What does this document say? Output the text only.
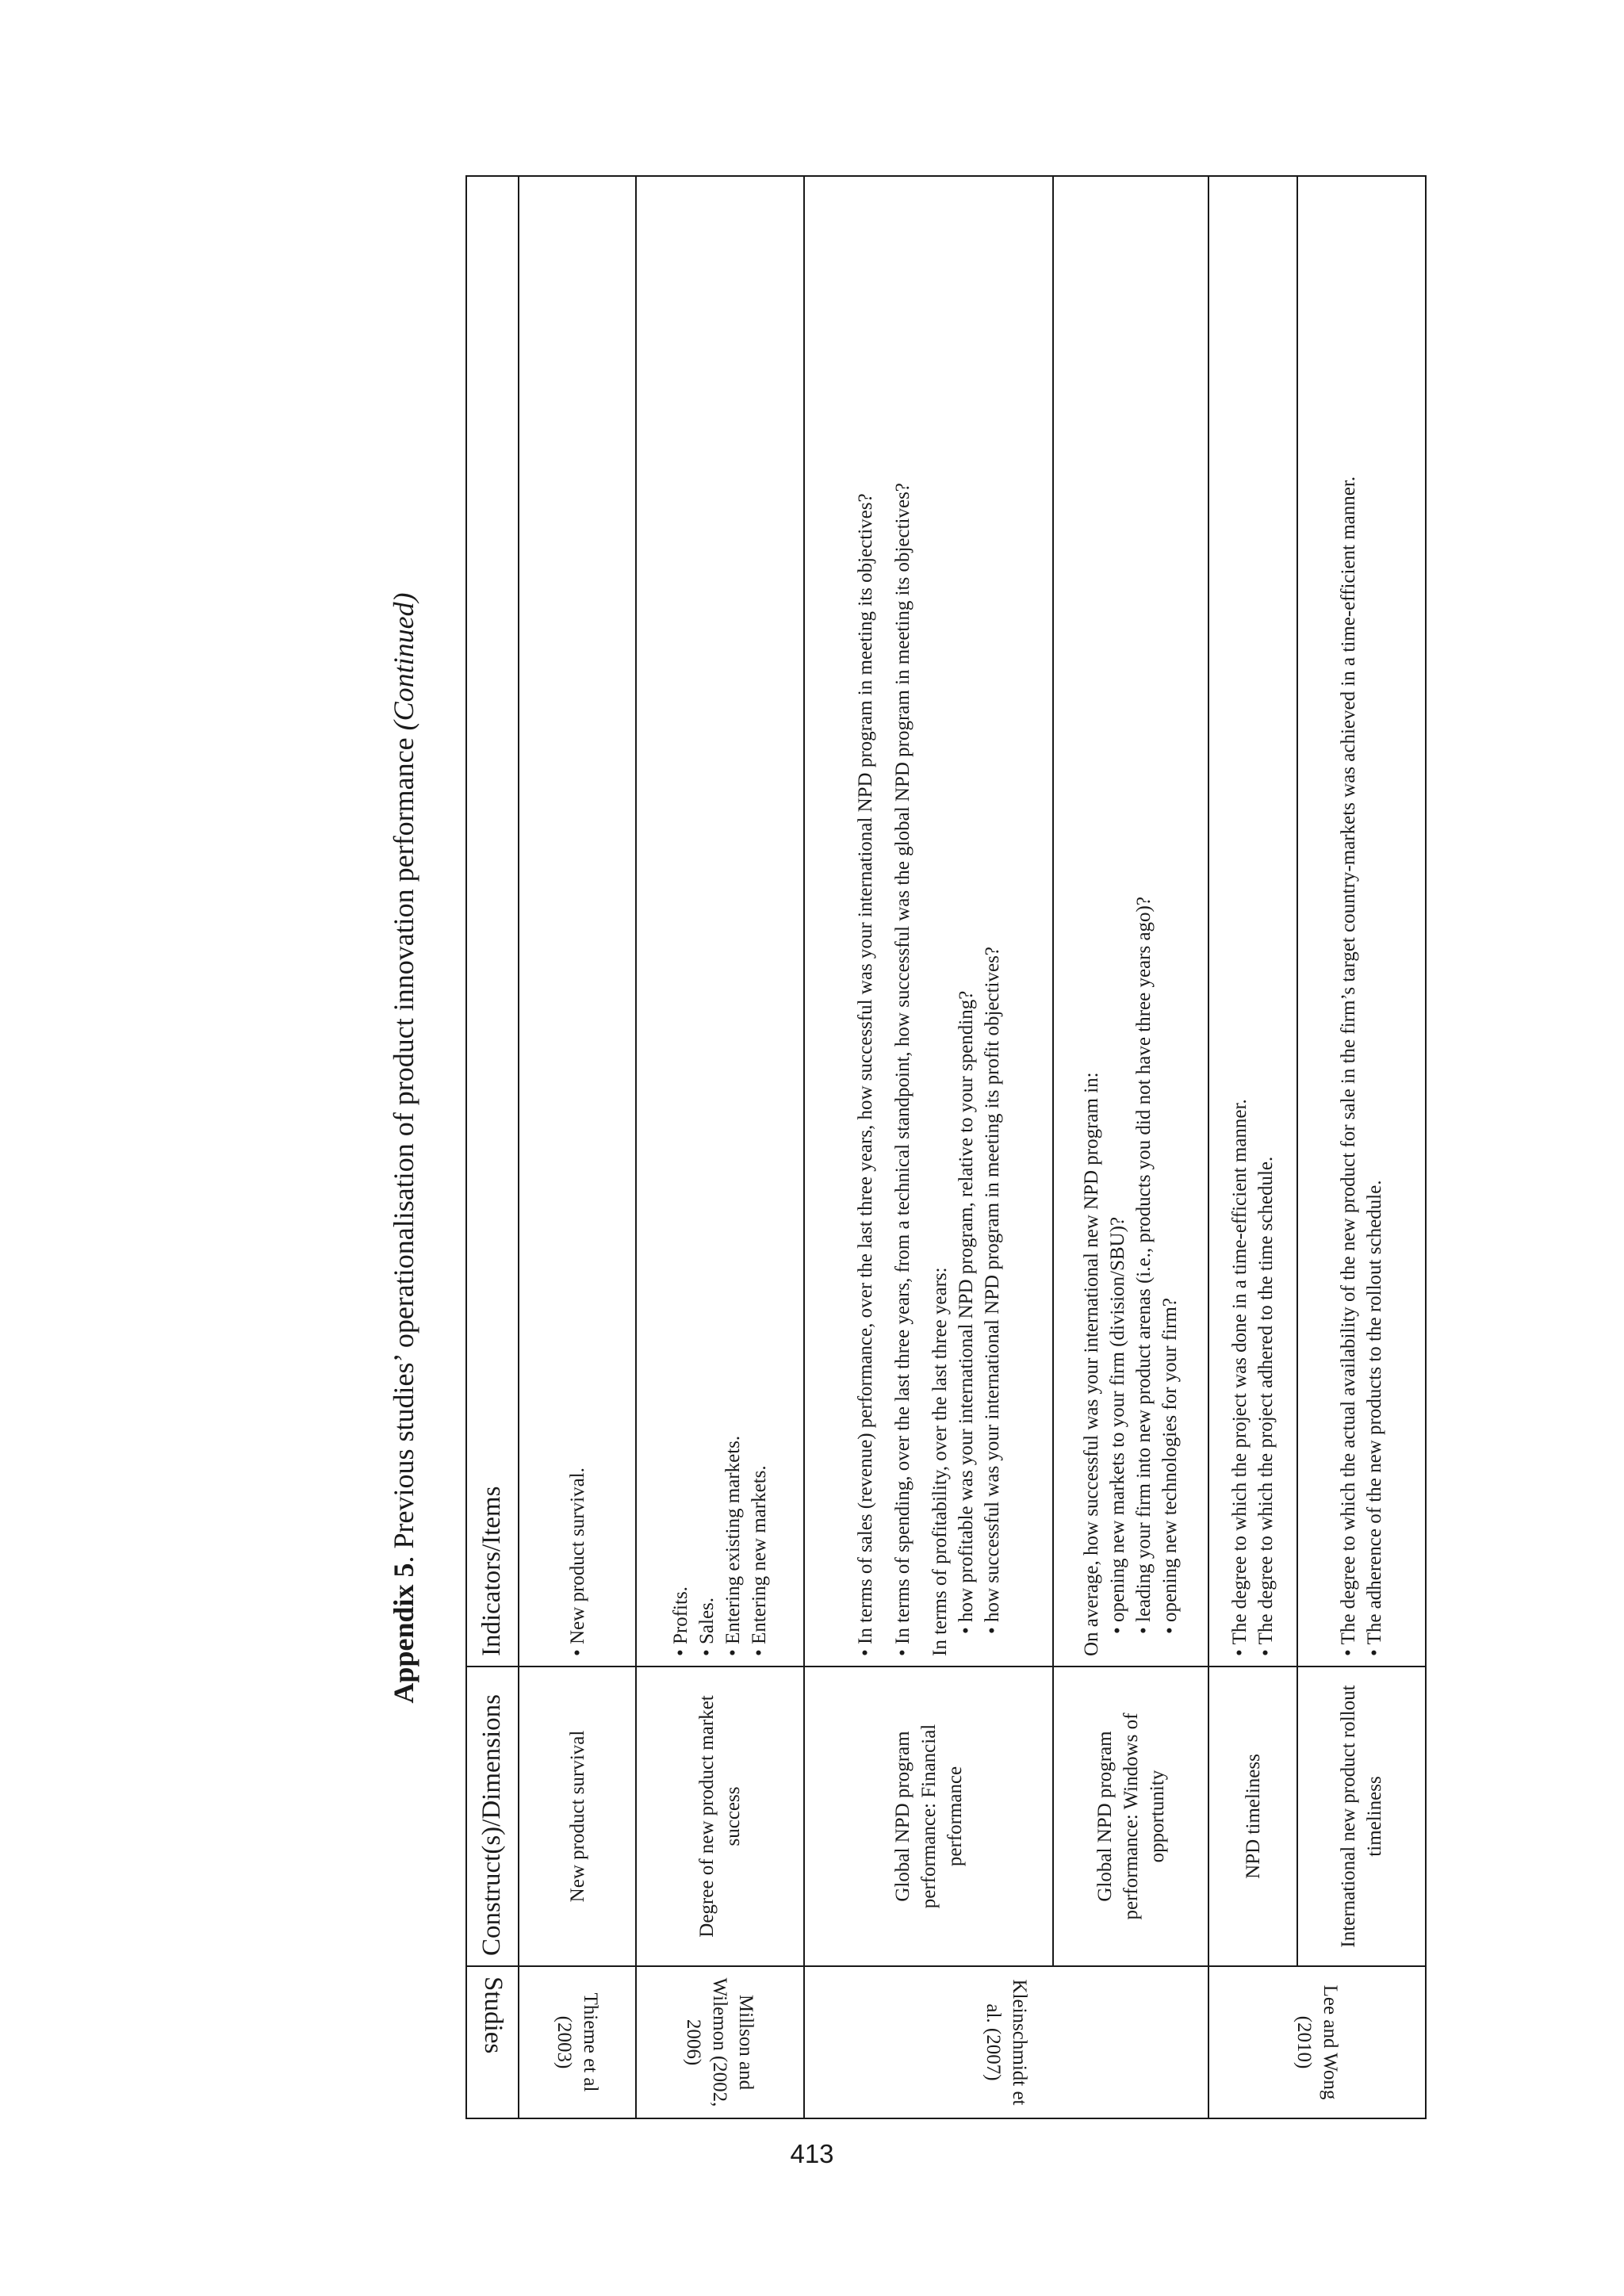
Appendix 5. Previous studies’ operationalisation of product innovation performance (Continued)
Studies	Construct(s)/Dimensions	Indicators/Items
Thieme et al (2003)	New product survival	• New product survival.

Millson and Wilemon (2002, 2006)	Degree of new product market success	• Profits. • Sales. • Entering existing markets. • Entering new markets.

Kleinschmidt et al. (2007)	Global NPD program performance: Financial performance	• In terms of sales (revenue) performance, over the last three years, how successful was your international NPD program in meeting its objectives? • In terms of spending, over the last three years, from a technical standpoint, how successful was the global NPD program in meeting its objectives? In terms of profitability, over the last three years: • how profitable was your international NPD program, relative to your spending? • how successful was your international NPD program in meeting its profit objectives?

	Global NPD program performance: Windows of opportunity	On average, how successful was your international new NPD program in: • opening new markets to your firm (division/SBU)? • leading your firm into new product arenas (i.e., products you did not have three years ago)? • opening new technologies for your firm?

Lee and Wong (2010)	NPD timeliness	• The degree to which the project was done in a time-efficient manner. • The degree to which the project adhered to the time schedule.

	International new product rollout timeliness	• The degree to which the actual availability of the new product for sale in the firm’s target country-markets was achieved in a time-efficient manner. • The adherence of the new products to the rollout schedule.
413
